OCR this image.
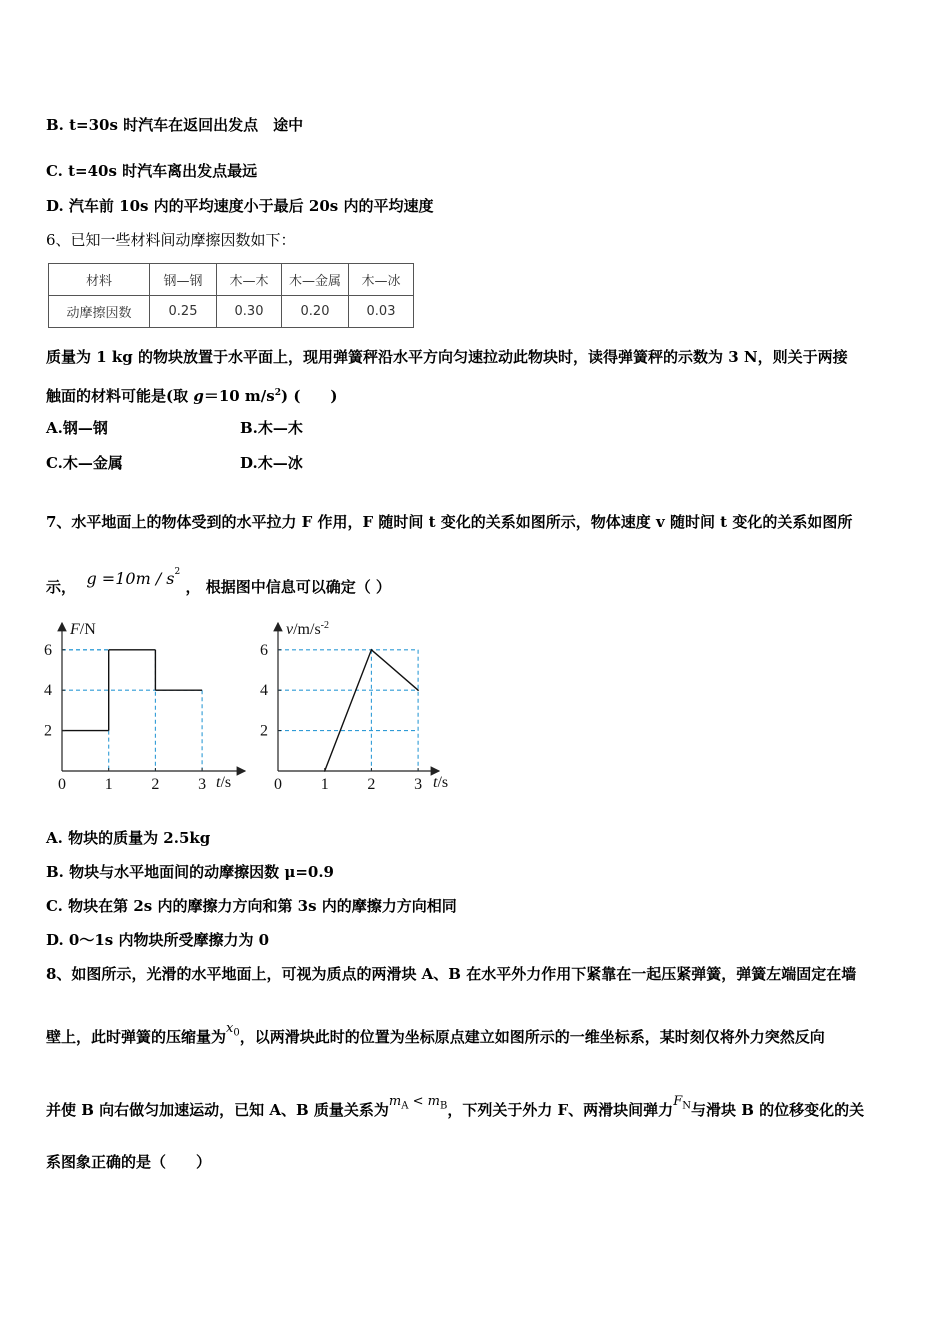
B. t=30s 时汽车在返回出发点　途中
C. t=40s 时汽车离出发点最远
D. 汽车前 10s 内的平均速度小于最后 20s 内的平均速度
6、已知一些材料间动摩擦因数如下：
材料	钢—钢	木—木	木—金属	木—冰
动摩擦因数	0.25	0.30	0.20	0.03
质量为 1 kg 的物块放置于水平面上，现用弹簧秤沿水平方向匀速拉动此物块时，读得弹簧秤的示数为 3 N，则关于两接
触面的材料可能是(取 g＝10 $m/s^2$) (　　)
A.钢—钢	B.木—木
C.木—金属	D.木—冰
7、水平地面上的物体受到的水平拉力 F 作用，F 随时间 t 变化的关系如图所示，物体速度 v 随时间 t 变化的关系如图所
示， $g =10m / s^2$ ， 根据图中信息可以确定（ ）
F/N
t/s
0 1 2 3
2
4
6
$v/m/s^{-2}$
t/s
0 1 2 3
2
4
6
A. 物块的质量为 2.5kg
B. 物块与水平地面间的动摩擦因数 μ=0.9
C. 物块在第 2s 内的摩擦力方向和第 3s 内的摩擦力方向相同
D. 0～1s 内物块所受摩擦力为 0
8、如图所示，光滑的水平地面上，可视为质点的两滑块 A、B 在水平外力作用下紧靠在一起压紧弹簧，弹簧左端固定在墙
壁上，此时弹簧的压缩量为$x_0$，以两滑块此时的位置为坐标原点建立如图所示的一维坐标系，某时刻仅将外力突然反向
并使 B 向右做匀加速运动，已知 A、B 质量关系为$m_A < m_B$，下列关于外力 F、两滑块间弹力$F_N$与滑块 B 的位移变化的关
系图象正确的是（　　）
